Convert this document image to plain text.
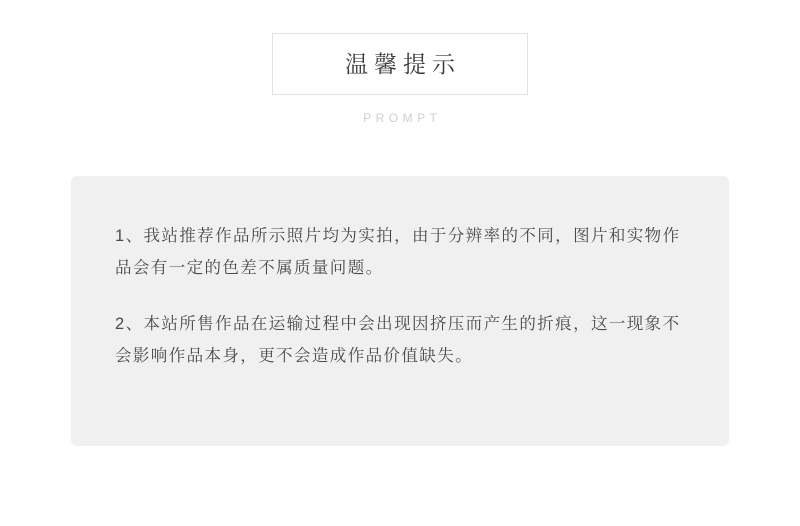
温馨提示
PROMPT

1、我站推荐作品所示照片均为实拍，由于分辨率的不同，图片和实物作品会有一定的色差不属质量问题。

2、本站所售作品在运输过程中会出现因挤压而产生的折痕，这一现象不会影响作品本身，更不会造成作品价值缺失。
